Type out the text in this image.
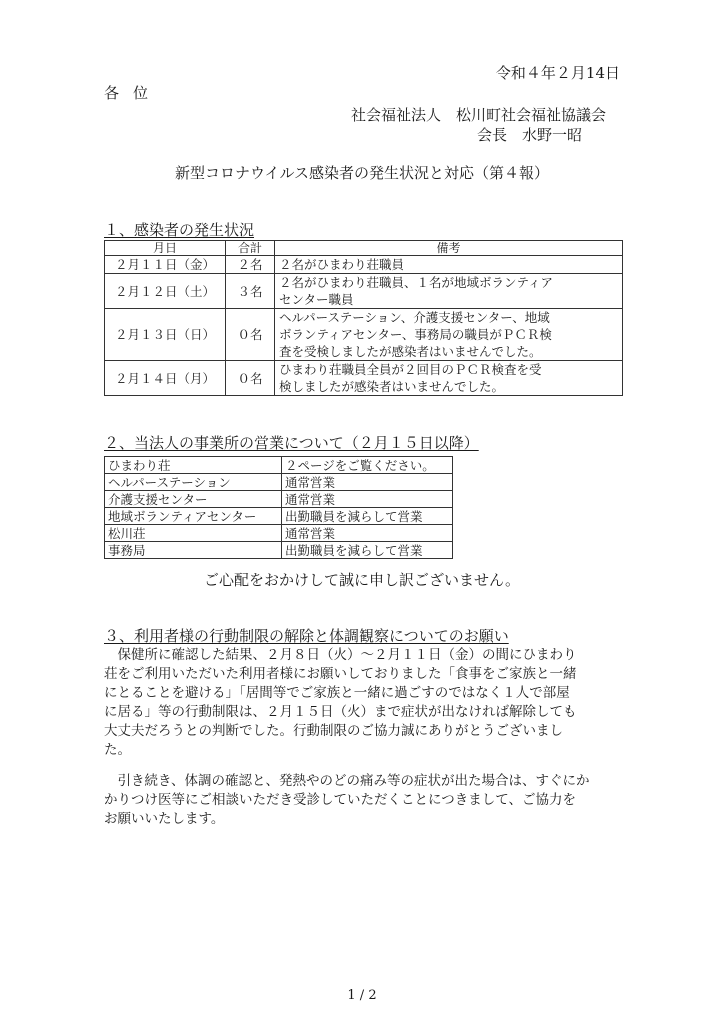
令和４年２月14日
各位
社会福祉法人　松川町社会福祉協議会
会長　水野一昭
新型コロナウイルス感染者の発生状況と対応（第４報）
１、感染者の発生状況
月日	合計	備考
２月１１日（金）	２名	２名がひまわり荘職員

２月１２日（土）	３名	２名がひまわり荘職員、１名が地域ボランティア
センター職員

２月１３日（日）	０名	ヘルパーステーション、介護支援センター、地域
ボランティアセンター、事務局の職員がＰＣＲ検
査を受検しましたが感染者はいませんでした。

２月１４日（月）	０名	ひまわり荘職員全員が２回目のＰＣＲ検査を受
検しましたが感染者はいませんでした。
２、当法人の事業所の営業について（２月１５日以降）
ひまわり荘	２ページをご覧ください。
ヘルパーステーション	通常営業
介護支援センター	通常営業
地域ボランティアセンター	出勤職員を減らして営業
松川荘	通常営業
事務局	出勤職員を減らして営業
ご心配をおかけして誠に申し訳ございません。
３、利用者様の行動制限の解除と体調観察についてのお願い
　保健所に確認した結果、２月８日（火）～２月１１日（金）の間にひまわり
荘をご利用いただいた利用者様にお願いしておりました「食事をご家族と一緒
にとることを避ける」「居間等でご家族と一緒に過ごすのではなく１人で部屋
に居る」等の行動制限は、２月１５日（火）まで症状が出なければ解除しても
大丈夫だろうとの判断でした。行動制限のご協力誠にありがとうございまし
た。
　引き続き、体調の確認と、発熱やのどの痛み等の症状が出た場合は、すぐにか
かりつけ医等にご相談いただき受診していただくことにつきまして、ご協力を
お願いいたします。
1 / 2
